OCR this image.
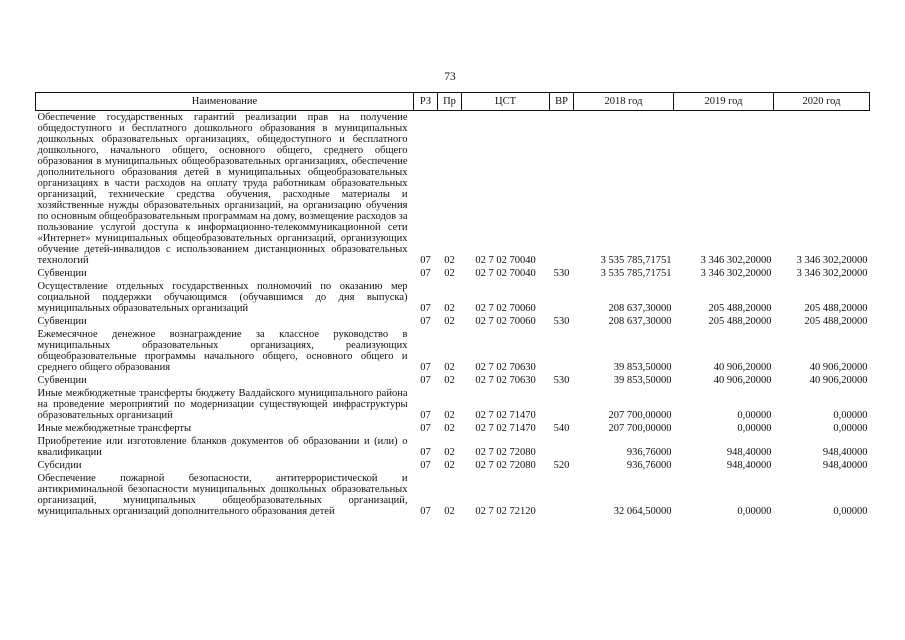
73
Наименование	РЗ	Пр	ЦСТ	ВР	2018 год	2019 год	2020 год
Обеспечение государственных гарантий реализации прав на получение общедоступного и бесплатного дошкольного образования в муниципальных дошкольных образовательных организациях, общедоступного и бесплатного дошкольного, начального общего, основного общего, среднего общего образования в муниципальных общеобразовательных организациях, обеспечение дополнительного образования детей в муниципальных общеобразовательных организациях в части расходов на оплату труда работникам образовательных организаций, технические средства обучения, расходные материалы и хозяйственные нужды образовательных организаций, на организацию обучения по основным общеобразовательным программам на дому, возмещение расходов за пользование услугой доступа к информационно-телекоммуникационной сети «Интернет» муниципальных общеобразовательных организаций, организующих обучение детей-инвалидов с использованием дистанционных образовательных технологий	07	02	02 7 02 70040		3 535 785,71751	3 346 302,20000	3 346 302,20000
Субвенции	07	02	02 7 02 70040	530	3 535 785,71751	3 346 302,20000	3 346 302,20000
Осуществление отдельных государственных полномочий по оказанию мер социальной поддержки обучающимся (обучавшимся до дня выпуска) муниципальных образовательных организаций	07	02	02 7 02 70060		208 637,30000	205 488,20000	205 488,20000
Субвенции	07	02	02 7 02 70060	530	208 637,30000	205 488,20000	205 488,20000
Ежемесячное денежное вознаграждение за классное руководство в муниципальных образовательных организациях, реализующих общеобразовательные программы начального общего, основного общего и среднего общего образования	07	02	02 7 02 70630		39 853,50000	40 906,20000	40 906,20000
Субвенции	07	02	02 7 02 70630	530	39 853,50000	40 906,20000	40 906,20000
Иные межбюджетные трансферты бюджету Валдайского муниципального района на проведение мероприятий по модернизации существующей инфраструктуры образовательных организаций	07	02	02 7 02 71470		207 700,00000	0,00000	0,00000
Иные межбюджетные трансферты	07	02	02 7 02 71470	540	207 700,00000	0,00000	0,00000
Приобретение или изготовление бланков документов об образовании и (или) о квалификации	07	02	02 7 02 72080		936,76000	948,40000	948,40000
Субсидии	07	02	02 7 02 72080	520	936,76000	948,40000	948,40000
Обеспечение пожарной безопасности, антитеррористической и антикриминальной безопасности муниципальных дошкольных образовательных организаций, муниципальных общеобразовательных организаций, муниципальных организаций дополнительного образования детей	07	02	02 7 02 72120		32 064,50000	0,00000	0,00000
